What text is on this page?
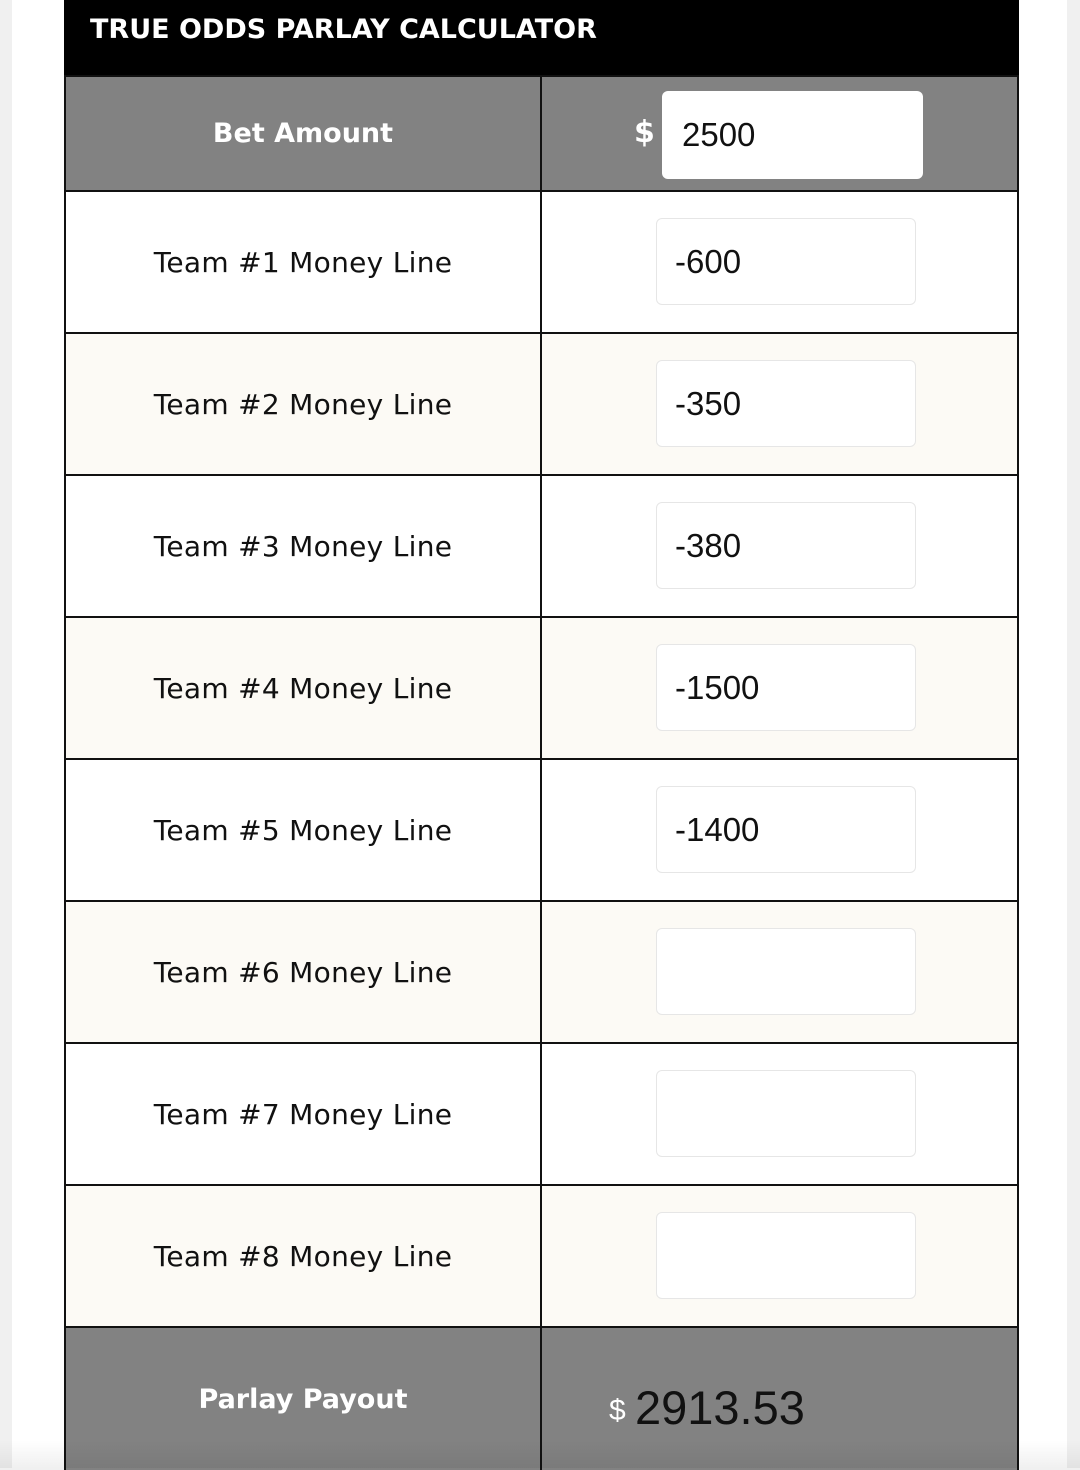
TRUE ODDS PARLAY CALCULATOR
Bet Amount	$ 2500
Team #1 Money Line	-600
Team #2 Money Line	-350
Team #3 Money Line	-380
Team #4 Money Line	-1500
Team #5 Money Line	-1400
Team #6 Money Line
Team #7 Money Line
Team #8 Money Line
Parlay Payout	$ 2913.53
